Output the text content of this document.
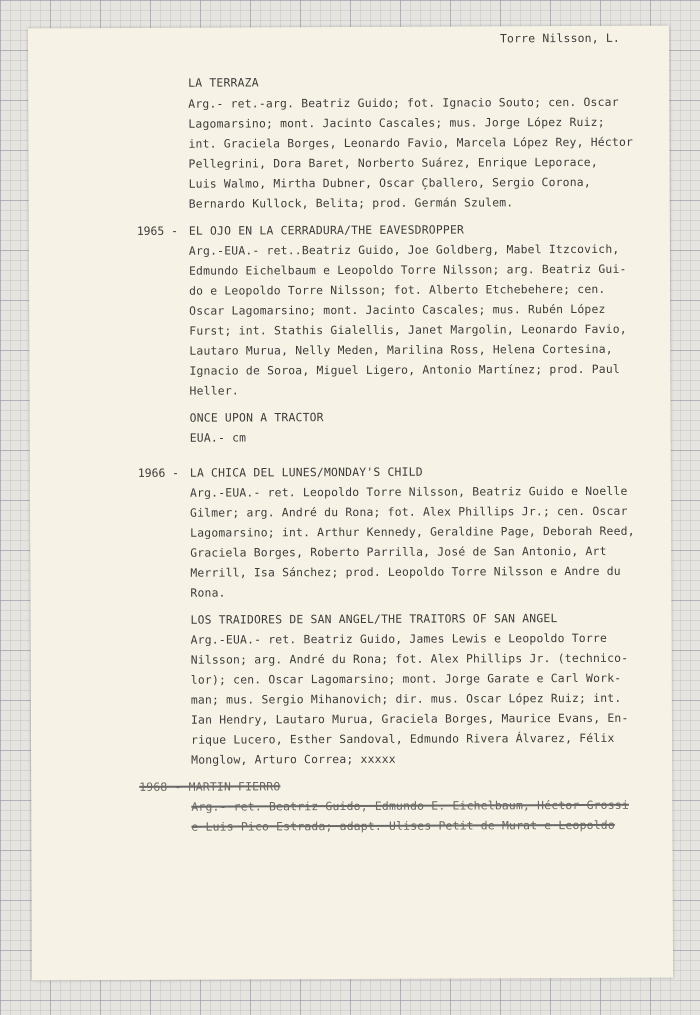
Torre Nilsson, L.
LA TERRAZA
Arg.- ret.-arg. Beatriz Guido; fot. Ignacio Souto; cen. Oscar
Lagomarsino; mont. Jacinto Cascales; mus. Jorge López Ruiz;
int. Graciela Borges, Leonardo Favio, Marcela López Rey, Héctor
Pellegrini, Dora Baret, Norberto Suárez, Enrique Leporace,
Luis Walmo, Mirtha Dubner, Oscar C̦ballero, Sergio Corona,
Bernardo Kullock, Belita; prod. Germán Szulem.
1965 - EL OJO EN LA CERRADURA/THE EAVESDROPPER
Arg.-EUA.- ret..Beatriz Guido, Joe Goldberg, Mabel Itzcovich,
Edmundo Eichelbaum e Leopoldo Torre Nilsson; arg. Beatriz Gui-
do e Leopoldo Torre Nilsson; fot. Alberto Etchebehere; cen.
Oscar Lagomarsino; mont. Jacinto Cascales; mus. Rubén López
Furst; int. Stathis Gialellis, Janet Margolin, Leonardo Favio,
Lautaro Murua, Nelly Meden, Marilina Ross, Helena Cortesina,
Ignacio de Soroa, Miguel Ligero, Antonio Martínez; prod. Paul
Heller.
ONCE UPON A TRACTOR
EUA.- cm
1966 - LA CHICA DEL LUNES/MONDAY'S CHILD
Arg.-EUA.- ret. Leopoldo Torre Nilsson, Beatriz Guido e Noelle
Gilmer; arg. André du Rona; fot. Alex Phillips Jr.; cen. Oscar
Lagomarsino; int. Arthur Kennedy, Geraldine Page, Deborah Reed,
Graciela Borges, Roberto Parrilla, José de San Antonio, Art
Merrill, Isa Sánchez; prod. Leopoldo Torre Nilsson e Andre du
Rona.
LOS TRAIDORES DE SAN ANGEL/THE TRAITORS OF SAN ANGEL
Arg.-EUA.- ret. Beatriz Guido, James Lewis e Leopoldo Torre
Nilsson; arg. André du Rona; fot. Alex Phillips Jr. (technico-
lor); cen. Oscar Lagomarsino; mont. Jorge Garate e Carl Work-
man; mus. Sergio Mihanovich; dir. mus. Oscar López Ruiz; int.
Ian Hendry, Lautaro Murua, Graciela Borges, Maurice Evans, En-
rique Lucero, Esther Sandoval, Edmundo Rivera Álvarez, Félix
Monglow, Arturo Correa; xxxxx
1968 - MARTIN FIERRO
Arg.- ret. Beatriz Guido, Edmundo E. Eichelbaum, Héctor Grossi
e Luis Pico Estrada; adapt. Ulises Petit de Murat e Leopoldo
